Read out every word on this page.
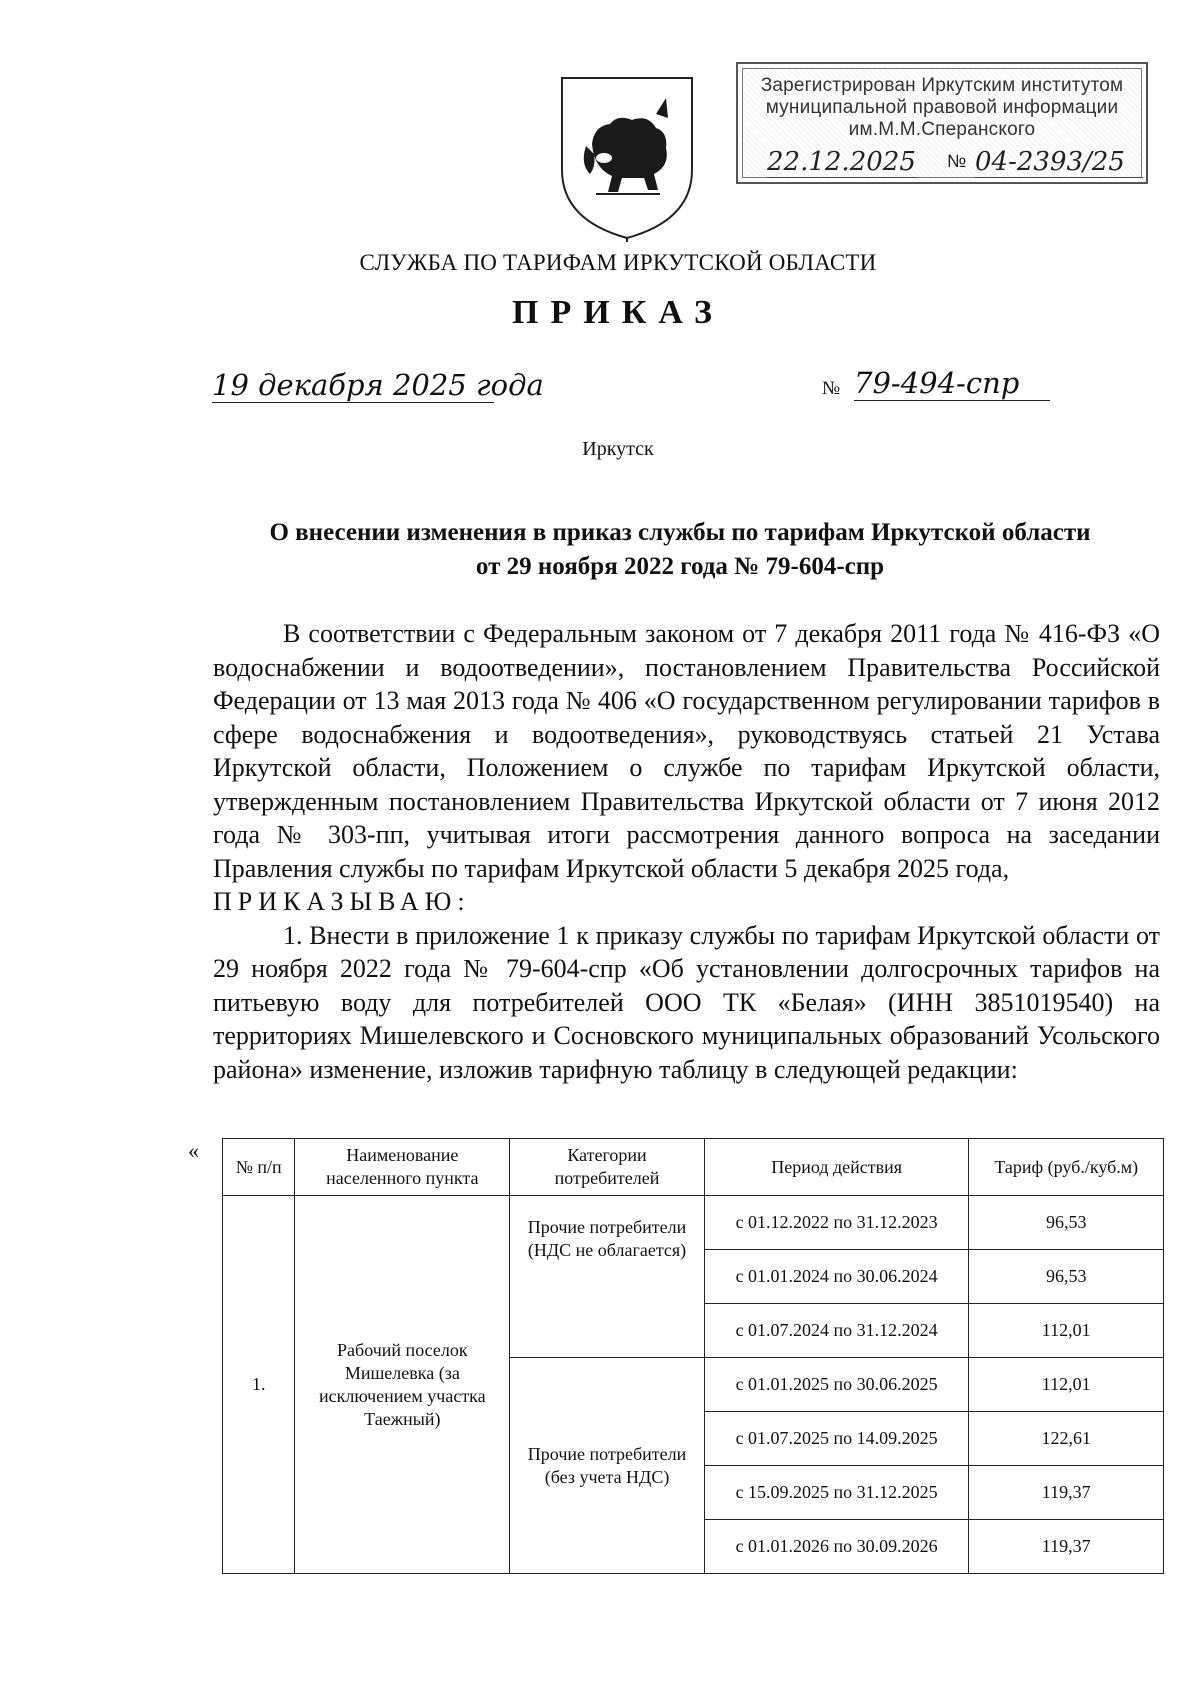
Зарегистрирован Иркутским институтом
муниципальной правовой информации
им.М.М.Сперанского
22.12.2025 № 04-2393/25
СЛУЖБА ПО ТАРИФАМ ИРКУТСКОЙ ОБЛАСТИ
ПРИКАЗ
19 декабря 2025 года	№ 79-494-спр
Иркутск
О внесении изменения в приказ службы по тарифам Иркутской области
от 29 ноября 2022 года № 79-604-спр

В соответствии с Федеральным законом от 7 декабря 2011 года № 416-ФЗ «О водоснабжении и водоотведении», постановлением Правительства Российской Федерации от 13 мая 2013 года № 406 «О государственном регулировании тарифов в сфере водоснабжения и водоотведения», руководствуясь статьей 21 Устава Иркутской области, Положением о службе по тарифам Иркутской области, утвержденным постановлением Правительства Иркутской области от 7 июня 2012 года № 303-пп, учитывая итоги рассмотрения данного вопроса на заседании Правления службы по тарифам Иркутской области 5 декабря 2025 года,

ПРИКАЗЫВАЮ:

1. Внести в приложение 1 к приказу службы по тарифам Иркутской области от 29 ноября 2022 года № 79-604-спр «Об установлении долгосрочных тарифов на питьевую воду для потребителей ООО ТК «Белая» (ИНН 3851019540) на территориях Мишелевского и Сосновского муниципальных образований Усольского района» изменение, изложив тарифную таблицу в следующей редакции:

«
№ п/п	Наименование населенного пункта	Категории потребителей	Период действия	Тариф (руб./куб.м)
1.	Рабочий поселок Мишелевка (за исключением участка Таежный)	Прочие потребители (НДС не облагается)	с 01.12.2022 по 31.12.2023	96,53
			с 01.01.2024 по 30.06.2024	96,53
			с 01.07.2024 по 31.12.2024	112,01
		Прочие потребители (без учета НДС)	с 01.01.2025 по 30.06.2025	112,01
			с 01.07.2025 по 14.09.2025	122,61
			с 15.09.2025 по 31.12.2025	119,37
			с 01.01.2026 по 30.09.2026	119,37
